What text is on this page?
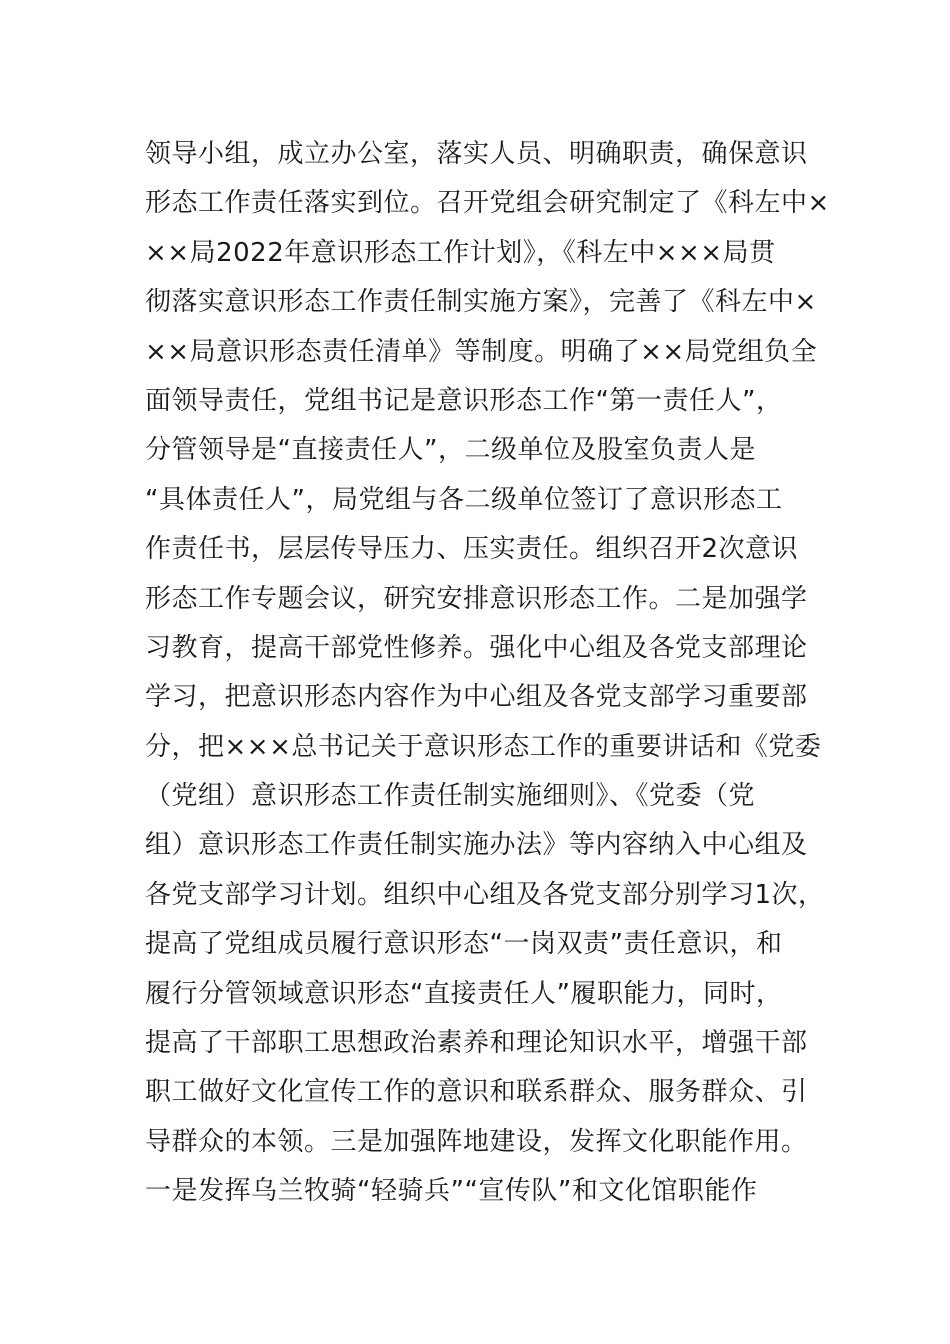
领导小组，成立办公室，落实人员、明确职责，确保意识
形态工作责任落实到位。召开党组会研究制定了《科左中×
××局2022年意识形态工作计划》，《科左中×××局贯
彻落实意识形态工作责任制实施方案》，完善了《科左中×
××局意识形态责任清单》等制度。明确了××局党组负全
面领导责任，党组书记是意识形态工作“第一责任人”，
分管领导是“直接责任人”，二级单位及股室负责人是
“具体责任人”，局党组与各二级单位签订了意识形态工
作责任书，层层传导压力、压实责任。组织召开2次意识
形态工作专题会议，研究安排意识形态工作。二是加强学
习教育，提高干部党性修养。强化中心组及各党支部理论
学习，把意识形态内容作为中心组及各党支部学习重要部
分，把×××总书记关于意识形态工作的重要讲话和《党委
（党组）意识形态工作责任制实施细则》、《党委（党
组）意识形态工作责任制实施办法》等内容纳入中心组及
各党支部学习计划。组织中心组及各党支部分别学习1次，
提高了党组成员履行意识形态“一岗双责”责任意识，和
履行分管领域意识形态“直接责任人”履职能力，同时，
提高了干部职工思想政治素养和理论知识水平，增强干部
职工做好文化宣传工作的意识和联系群众、服务群众、引
导群众的本领。三是加强阵地建设，发挥文化职能作用。
一是发挥乌兰牧骑“轻骑兵”“宣传队”和文化馆职能作
